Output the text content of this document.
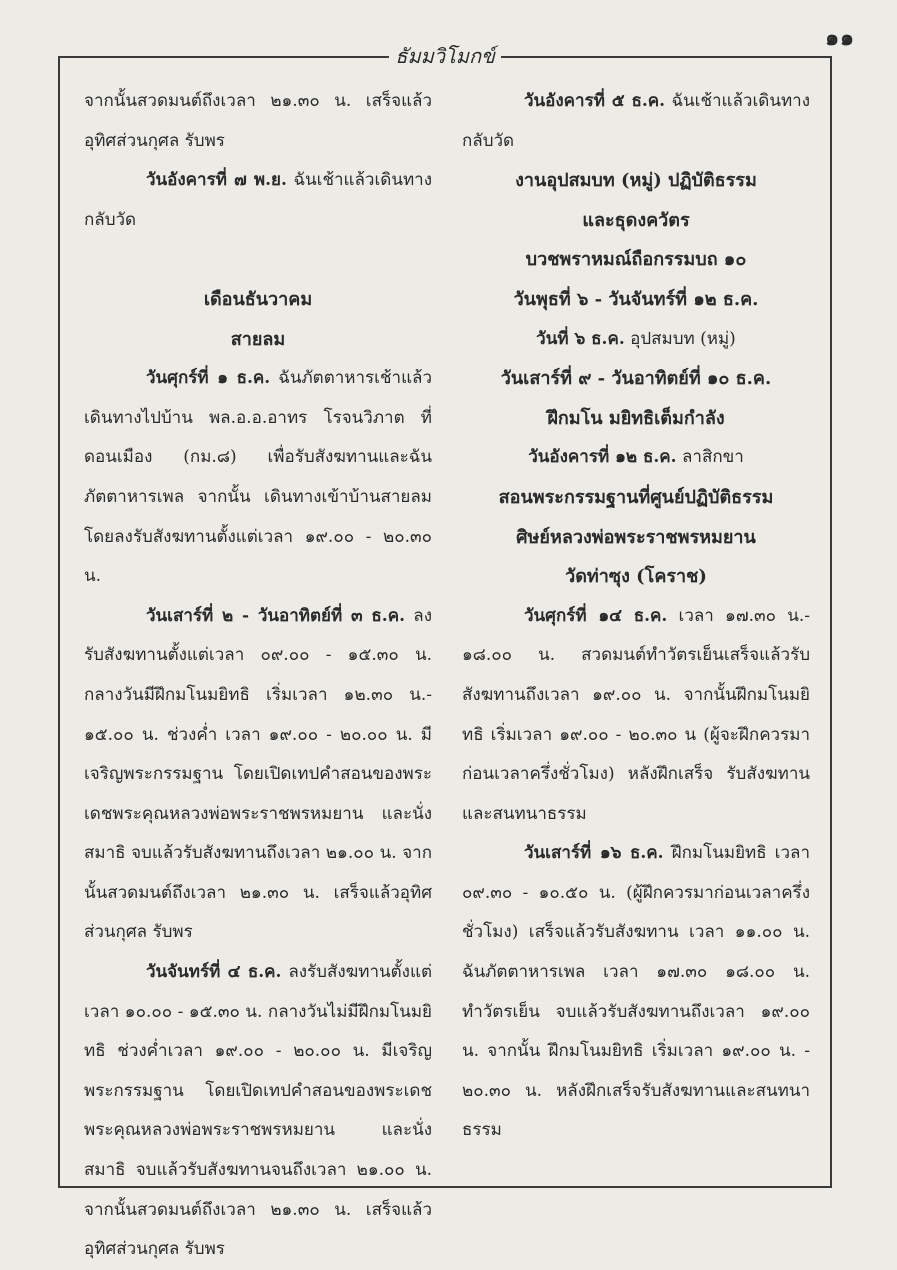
๑๑
ธัมมวิโมกข์

จากนั้นสวดมนต์ถึงเวลา ๒๑.๓๐ น. เสร็จแล้วอุทิศส่วนกุศล รับพร

วันอังคารที่ ๗ พ.ย. ฉันเช้าแล้วเดินทางกลับวัด

เดือนธันวาคม

สายลม

วันศุกร์ที่ ๑ ธ.ค. ฉันภัตตาหารเช้าแล้วเดินทางไปบ้าน พล.อ.อ.อาทร โรจนวิภาต ที่ดอนเมือง (กม.๘) เพื่อรับสังฆทานและฉันภัตตาหารเพล จากนั้น เดินทางเข้าบ้านสายลม โดยลงรับสังฆทานตั้งแต่เวลา ๑๙.๐๐ - ๒๐.๓๐ น.

วันเสาร์ที่ ๒ - วันอาทิตย์ที่ ๓ ธ.ค. ลงรับสังฆทานตั้งแต่เวลา ๐๙.๐๐ - ๑๕.๓๐ น. กลางวันมีฝึกมโนมยิทธิ เริ่มเวลา ๑๒.๓๐ น.- ๑๕.๐๐ น. ช่วงค่ำ เวลา ๑๙.๐๐ - ๒๐.๐๐ น. มีเจริญพระกรรมฐาน โดยเปิดเทปคำสอนของพระเดชพระคุณหลวงพ่อพระราชพรหมยาน และนั่งสมาธิ จบแล้วรับสังฆทานถึงเวลา ๒๑.๐๐ น. จากนั้นสวดมนต์ถึงเวลา ๒๑.๓๐ น. เสร็จแล้วอุทิศส่วนกุศล รับพร

วันจันทร์ที่ ๔ ธ.ค. ลงรับสังฆทานตั้งแต่เวลา ๑๐.๐๐ - ๑๕.๓๐ น. กลางวันไม่มีฝึกมโนมยิทธิ ช่วงค่ำเวลา ๑๙.๐๐ - ๒๐.๐๐ น. มีเจริญพระกรรมฐาน โดยเปิดเทปคำสอนของพระเดชพระคุณหลวงพ่อพระราชพรหมยาน และนั่งสมาธิ จบแล้วรับสังฆทานจนถึงเวลา ๒๑.๐๐ น. จากนั้นสวดมนต์ถึงเวลา ๒๑.๓๐ น. เสร็จแล้วอุทิศส่วนกุศล รับพร

วันอังคารที่ ๕ ธ.ค. ฉันเช้าแล้วเดินทางกลับวัด

งานอุปสมบท (หมู่) ปฏิบัติธรรม

และธุดงควัตร

บวชพราหมณ์ถือกรรมบถ ๑๐

วันพุธที่ ๖ - วันจันทร์ที่ ๑๒ ธ.ค.

วันที่ ๖ ธ.ค. อุปสมบท (หมู่)

วันเสาร์ที่ ๙ - วันอาทิตย์ที่ ๑๐ ธ.ค.

ฝึกมโน มยิทธิเต็มกำลัง

วันอังคารที่ ๑๒ ธ.ค. ลาสิกขา

สอนพระกรรมฐานที่ศูนย์ปฏิบัติธรรม

ศิษย์หลวงพ่อพระราชพรหมยาน

วัดท่าซุง (โคราช)

วันศุกร์ที่ ๑๔ ธ.ค. เวลา ๑๗.๓๐ น.- ๑๘.๐๐ น. สวดมนต์ทำวัตรเย็นเสร็จแล้วรับสังฆทานถึงเวลา ๑๙.๐๐ น. จากนั้นฝึกมโนมยิทธิ เริ่มเวลา ๑๙.๐๐ - ๒๐.๓๐ น (ผู้จะฝึกควรมาก่อนเวลาครึ่งชั่วโมง) หลังฝึกเสร็จ รับสังฆทานและสนทนาธรรม

วันเสาร์ที่ ๑๖ ธ.ค. ฝึกมโนมยิทธิ เวลา ๐๙.๓๐ - ๑๐.๕๐ น. (ผู้ฝึกควรมาก่อนเวลาครึ่งชั่วโมง) เสร็จแล้วรับสังฆทาน เวลา ๑๑.๐๐ น. ฉันภัตตาหารเพล เวลา ๑๗.๓๐ ๑๘.๐๐ น. ทำวัตรเย็น จบแล้วรับสังฆทานถึงเวลา ๑๙.๐๐ น. จากนั้น ฝึกมโนมยิทธิ เริ่มเวลา ๑๙.๐๐ น. - ๒๐.๓๐ น. หลังฝึกเสร็จรับสังฆทานและสนทนาธรรม
